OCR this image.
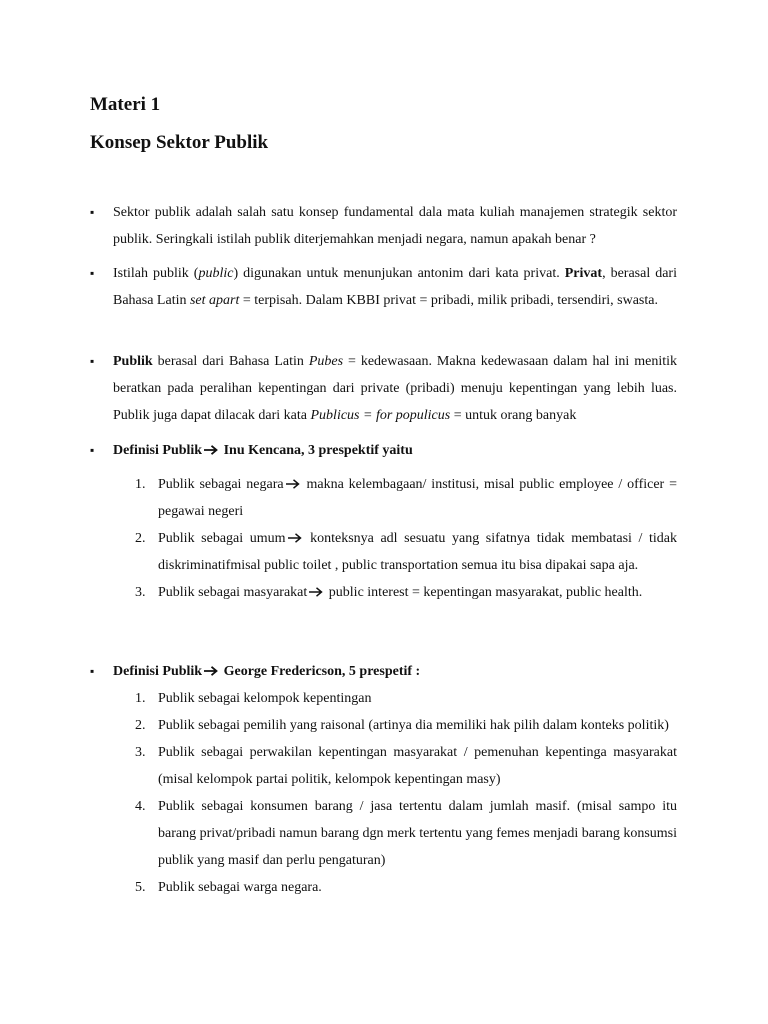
Materi 1
Konsep Sektor Publik
▪ Sektor publik adalah salah satu konsep fundamental dala mata kuliah manajemen strategik sektor publik. Seringkali istilah publik diterjemahkan menjadi negara, namun apakah benar ?
▪ Istilah publik (public) digunakan untuk menunjukan antonim dari kata privat. Privat, berasal dari Bahasa Latin set apart = terpisah. Dalam KBBI privat = pribadi, milik pribadi, tersendiri, swasta.
▪ Publik berasal dari Bahasa Latin Pubes = kedewasaan. Makna kedewasaan dalam hal ini menitik beratkan pada peralihan kepentingan dari private (pribadi) menuju kepentingan yang lebih luas. Publik juga dapat dilacak dari kata Publicus = for populicus = untuk orang banyak
▪ Definisi Publik Inu Kencana, 3 prespektif yaitu
1. Publik sebagai negara makna kelembagaan/ institusi, misal public employee / officer = pegawai negeri
2. Publik sebagai umum konteksnya adl sesuatu yang sifatnya tidak membatasi / tidak diskriminatifmisal public toilet , public transportation semua itu bisa dipakai sapa aja.
3. Publik sebagai masyarakat public interest = kepentingan masyarakat, public health.
▪ Definisi Publik George Fredericson, 5 prespetif :
1. Publik sebagai kelompok kepentingan
2. Publik sebagai pemilih yang raisonal (artinya dia memiliki hak pilih dalam konteks politik)
3. Publik sebagai perwakilan kepentingan masyarakat / pemenuhan kepentinga masyarakat (misal kelompok partai politik, kelompok kepentingan masy)
4. Publik sebagai konsumen barang / jasa tertentu dalam jumlah masif. (misal sampo itu barang privat/pribadi namun barang dgn merk tertentu yang femes menjadi barang konsumsi publik yang masif dan perlu pengaturan)
5. Publik sebagai warga negara.
